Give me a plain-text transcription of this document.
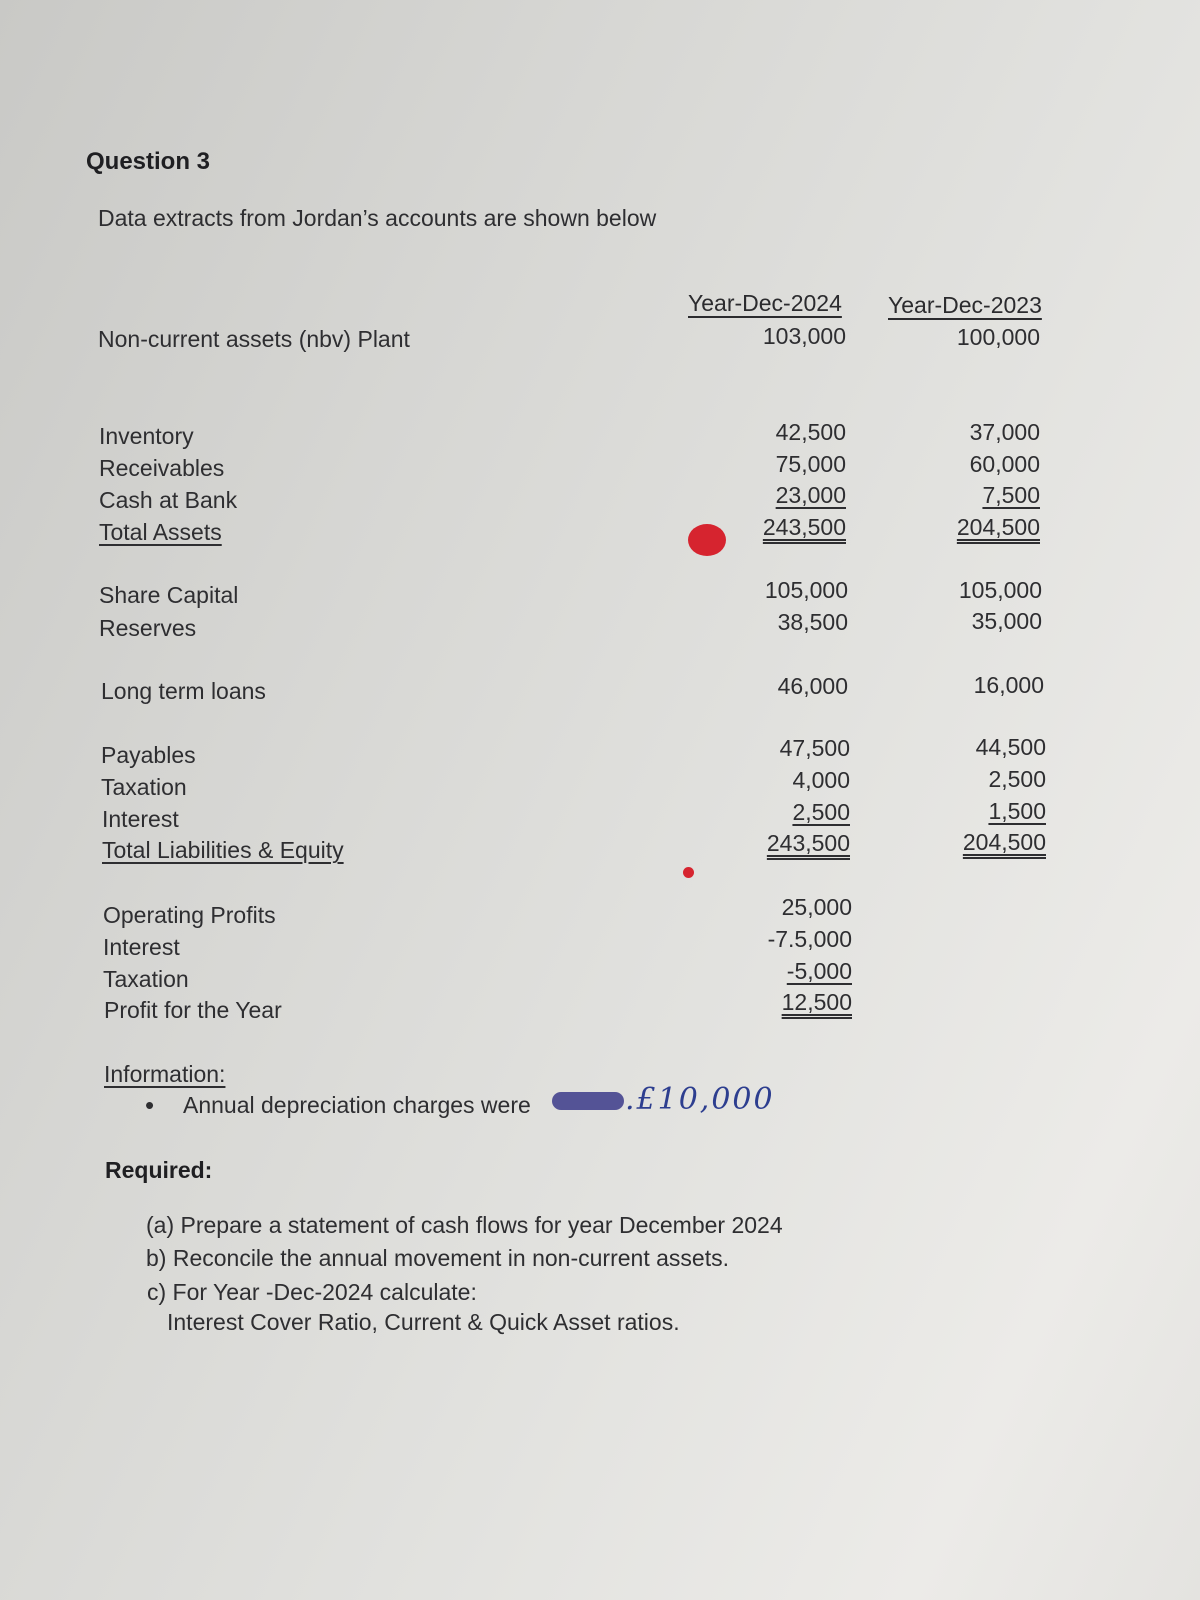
Question 3
Data extracts from Jordan’s accounts are shown below
Year-Dec-2024 Year-Dec-2023
Non-current assets (nbv) Plant	103,000	100,000
Inventory	42,500	37,000
Receivables	75,000	60,000
Cash at Bank	23,000	7,500
Total Assets	243,500	204,500
Share Capital	105,000	105,000
Reserves	38,500	35,000
Long term loans	46,000	16,000
Payables	47,500	44,500
Taxation	4,000	2,500
Interest	2,500	1,500
Total Liabilities & Equity	243,500	204,500
Operating Profits	25,000
Interest	-7.5,000
Taxation	-5,000
Profit for the Year	12,500
Information:
• Annual depreciation charges were	.£10,000
Required:
(a) Prepare a statement of cash flows for year December 2024
b) Reconcile the annual movement in non-current assets.
c) For Year -Dec-2024 calculate:
Interest Cover Ratio, Current & Quick Asset ratios.
